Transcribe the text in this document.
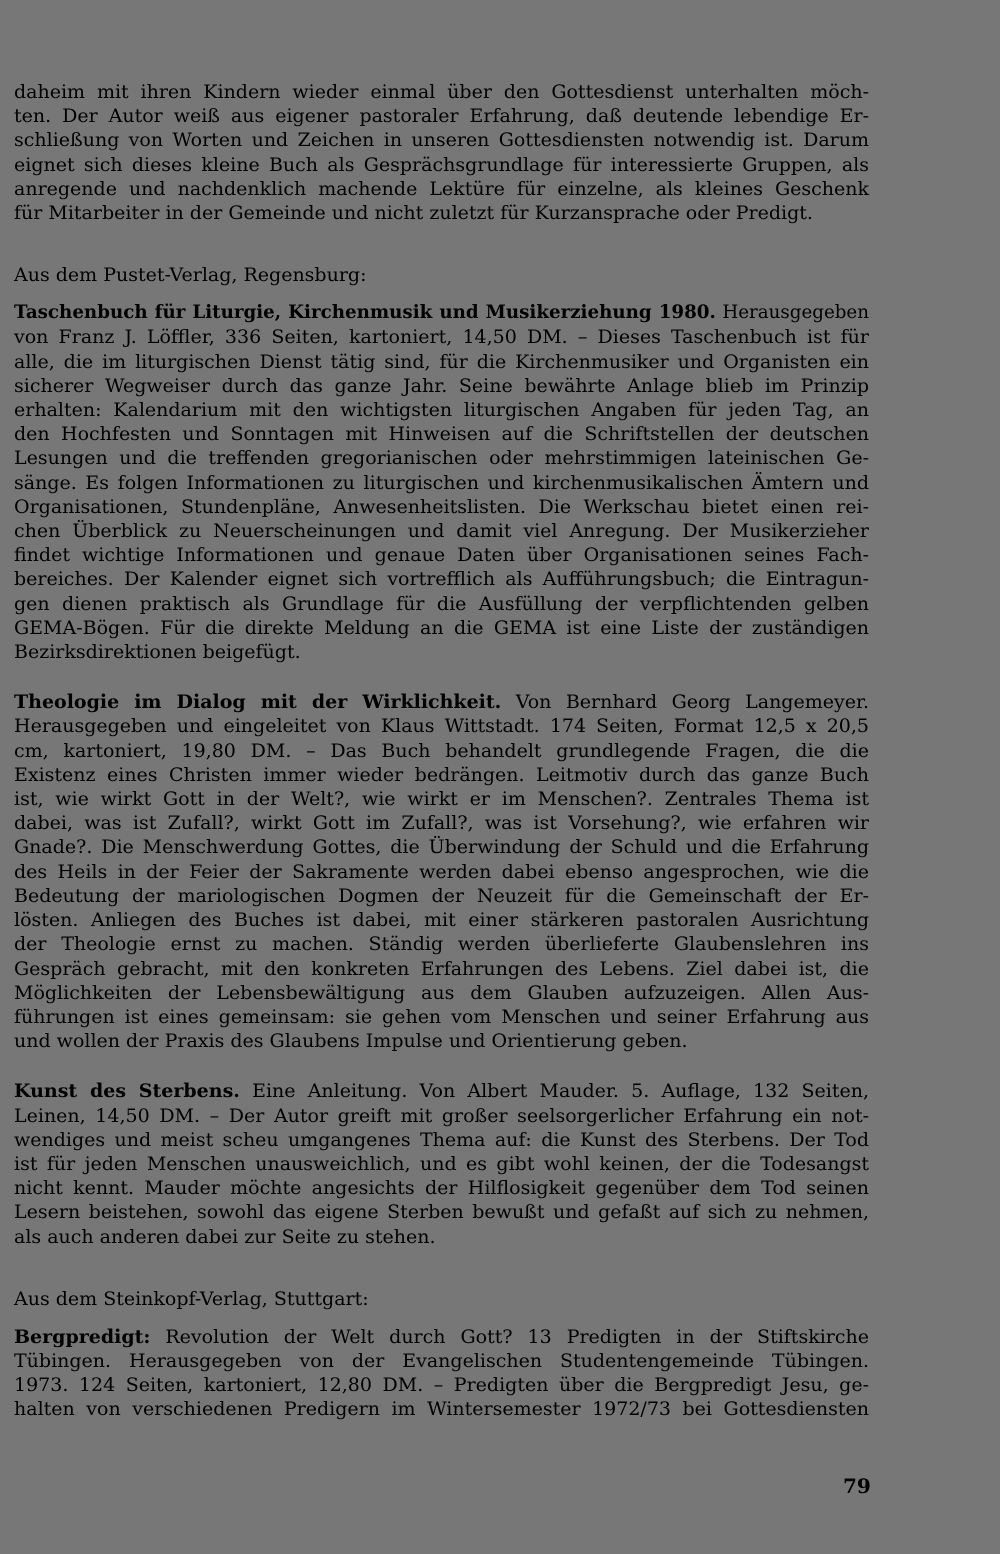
daheim mit ihren Kindern wieder einmal über den Gottesdienst unterhalten möch-
ten. Der Autor weiß aus eigener pastoraler Erfahrung, daß deutende lebendige Er-
schließung von Worten und Zeichen in unseren Gottesdiensten notwendig ist. Darum
eignet sich dieses kleine Buch als Gesprächsgrundlage für interessierte Gruppen, als
anregende und nachdenklich machende Lektüre für einzelne, als kleines Geschenk
für Mitarbeiter in der Gemeinde und nicht zuletzt für Kurzansprache oder Predigt.

Aus dem Pustet-Verlag, Regensburg:

Taschenbuch für Liturgie, Kirchenmusik und Musikerziehung 1980. Herausgegeben
von Franz J. Löffler, 336 Seiten, kartoniert, 14,50 DM. – Dieses Taschenbuch ist für
alle, die im liturgischen Dienst tätig sind, für die Kirchenmusiker und Organisten ein
sicherer Wegweiser durch das ganze Jahr. Seine bewährte Anlage blieb im Prinzip
erhalten: Kalendarium mit den wichtigsten liturgischen Angaben für jeden Tag, an
den Hochfesten und Sonntagen mit Hinweisen auf die Schriftstellen der deutschen
Lesungen und die treffenden gregorianischen oder mehrstimmigen lateinischen Ge-
sänge. Es folgen Informationen zu liturgischen und kirchenmusikalischen Ämtern und
Organisationen, Stundenpläne, Anwesenheitslisten. Die Werkschau bietet einen rei-
chen Überblick zu Neuerscheinungen und damit viel Anregung. Der Musikerzieher
findet wichtige Informationen und genaue Daten über Organisationen seines Fach-
bereiches. Der Kalender eignet sich vortrefflich als Aufführungsbuch; die Eintragun-
gen dienen praktisch als Grundlage für die Ausfüllung der verpflichtenden gelben
GEMA-Bögen. Für die direkte Meldung an die GEMA ist eine Liste der zuständigen
Bezirksdirektionen beigefügt.
Theologie im Dialog mit der Wirklichkeit. Von Bernhard Georg Langemeyer.
Herausgegeben und eingeleitet von Klaus Wittstadt. 174 Seiten, Format 12,5 x 20,5
cm, kartoniert, 19,80 DM. – Das Buch behandelt grundlegende Fragen, die die
Existenz eines Christen immer wieder bedrängen. Leitmotiv durch das ganze Buch
ist, wie wirkt Gott in der Welt?, wie wirkt er im Menschen?. Zentrales Thema ist
dabei, was ist Zufall?, wirkt Gott im Zufall?, was ist Vorsehung?, wie erfahren wir
Gnade?. Die Menschwerdung Gottes, die Überwindung der Schuld und die Erfahrung
des Heils in der Feier der Sakramente werden dabei ebenso angesprochen, wie die
Bedeutung der mariologischen Dogmen der Neuzeit für die Gemeinschaft der Er-
lösten. Anliegen des Buches ist dabei, mit einer stärkeren pastoralen Ausrichtung
der Theologie ernst zu machen. Ständig werden überlieferte Glaubenslehren ins
Gespräch gebracht, mit den konkreten Erfahrungen des Lebens. Ziel dabei ist, die
Möglichkeiten der Lebensbewältigung aus dem Glauben aufzuzeigen. Allen Aus-
führungen ist eines gemeinsam: sie gehen vom Menschen und seiner Erfahrung aus
und wollen der Praxis des Glaubens Impulse und Orientierung geben.
Kunst des Sterbens. Eine Anleitung. Von Albert Mauder. 5. Auflage, 132 Seiten,
Leinen, 14,50 DM. – Der Autor greift mit großer seelsorgerlicher Erfahrung ein not-
wendiges und meist scheu umgangenes Thema auf: die Kunst des Sterbens. Der Tod
ist für jeden Menschen unausweichlich, und es gibt wohl keinen, der die Todesangst
nicht kennt. Mauder möchte angesichts der Hilflosigkeit gegenüber dem Tod seinen
Lesern beistehen, sowohl das eigene Sterben bewußt und gefaßt auf sich zu nehmen,
als auch anderen dabei zur Seite zu stehen.

Aus dem Steinkopf-Verlag, Stuttgart:

Bergpredigt: Revolution der Welt durch Gott? 13 Predigten in der Stiftskirche
Tübingen. Herausgegeben von der Evangelischen Studentengemeinde Tübingen.
1973. 124 Seiten, kartoniert, 12,80 DM. – Predigten über die Bergpredigt Jesu, ge-
halten von verschiedenen Predigern im Wintersemester 1972/73 bei Gottesdiensten
79
